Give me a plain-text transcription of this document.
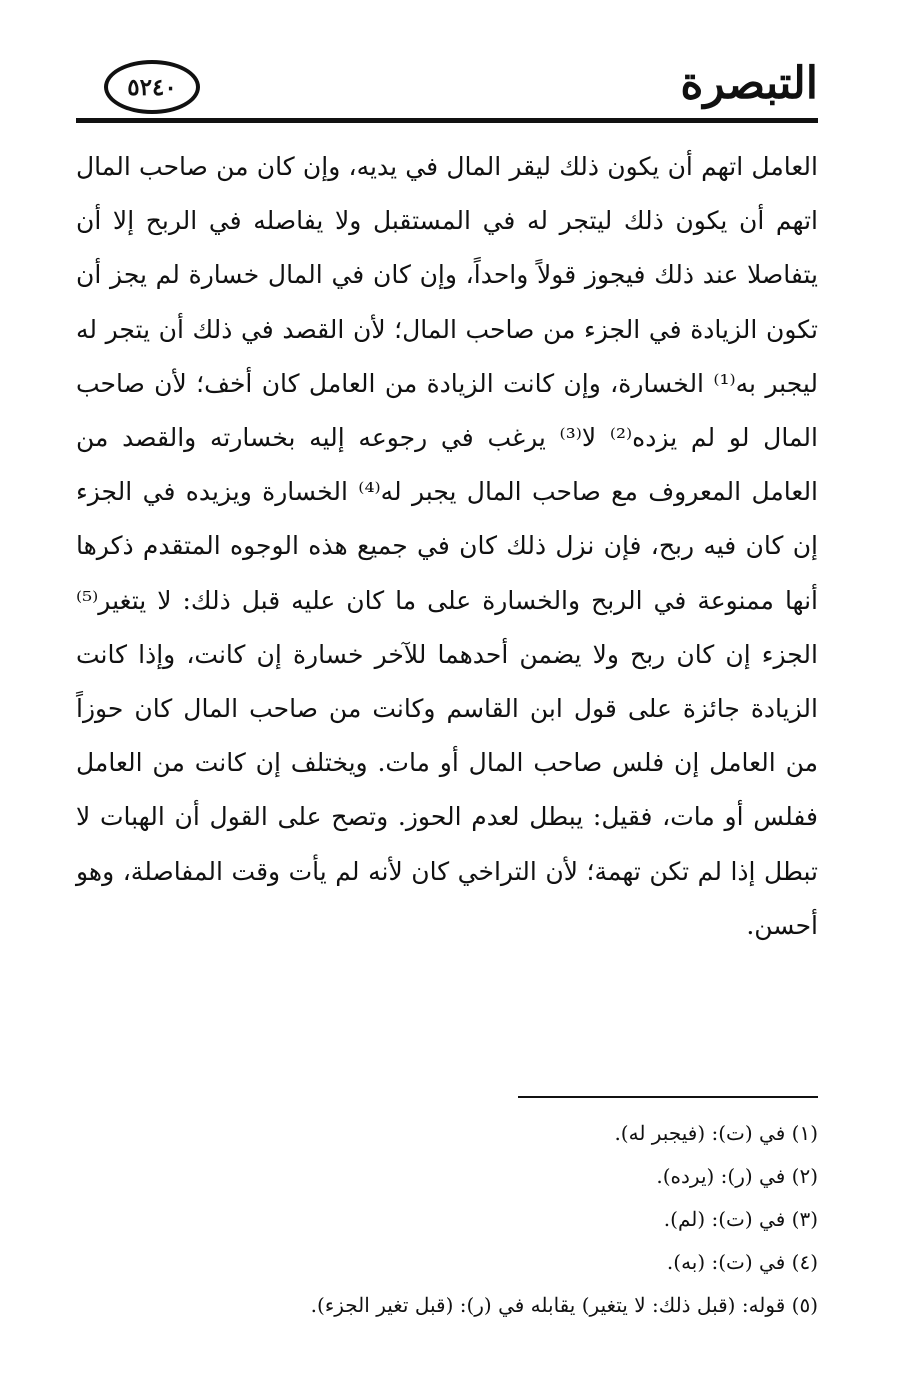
التبصرة
٥٢٤٠

العامل اتهم أن يكون ذلك ليقر المال في يديه، وإن كان من صاحب المال اتهم أن يكون ذلك ليتجر له في المستقبل ولا يفاصله في الربح إلا أن يتفاصلا عند ذلك فيجوز قولاً واحداً، وإن كان في المال خسارة لم يجز أن تكون الزيادة في الجزء من صاحب المال؛ لأن القصد في ذلك أن يتجر له ليجبر به⁽¹⁾ الخسارة، وإن كانت الزيادة من العامل كان أخف؛ لأن صاحب المال لو لم يزده⁽²⁾ لا⁽³⁾ يرغب في رجوعه إليه بخسارته والقصد من العامل المعروف مع صاحب المال يجبر له⁽⁴⁾ الخسارة ويزيده في الجزء إن كان فيه ربح، فإن نزل ذلك كان في جميع هذه الوجوه المتقدم ذكرها أنها ممنوعة في الربح والخسارة على ما كان عليه قبل ذلك: لا يتغير⁽⁵⁾ الجزء إن كان ربح ولا يضمن أحدهما للآخر خسارة إن كانت، وإذا كانت الزيادة جائزة على قول ابن القاسم وكانت من صاحب المال كان حوزاً من العامل إن فلس صاحب المال أو مات. ويختلف إن كانت من العامل ففلس أو مات، فقيل: يبطل لعدم الحوز. وتصح على القول أن الهبات لا تبطل إذا لم تكن تهمة؛ لأن التراخي كان لأنه لم يأت وقت المفاصلة، وهو أحسن.

(١) في (ت): (فيجبر له).

(٢) في (ر): (يرده).

(٣) في (ت): (لم).

(٤) في (ت): (به).

(٥) قوله: (قبل ذلك: لا يتغير) يقابله في (ر): (قبل تغير الجزء).
